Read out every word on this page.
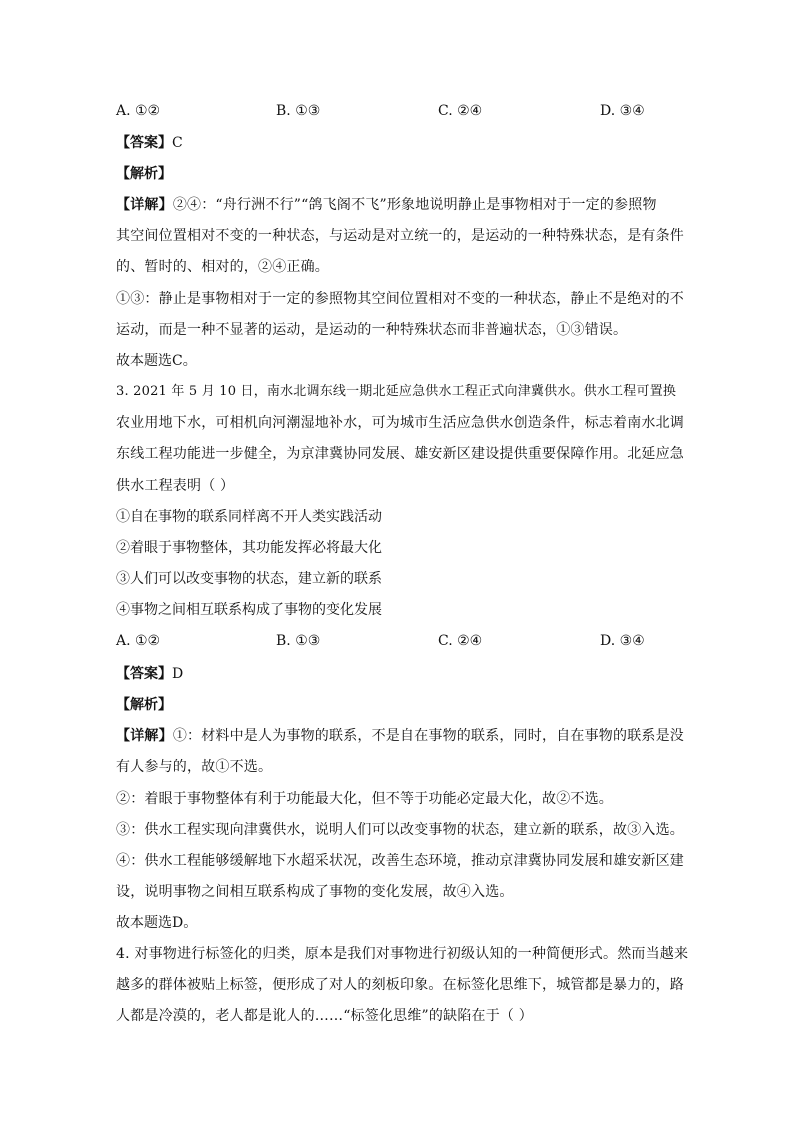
A. ①②	B. ①③	C. ②④	D. ③④
【答案】C
【解析】
【详解】②④：“舟行洲不行”“鸽飞阁不飞”形象地说明静止是事物相对于一定的参照物
其空间位置相对不变的一种状态，与运动是对立统一的，是运动的一种特殊状态，是有条件
的、暂时的、相对的，②④正确。
①③：静止是事物相对于一定的参照物其空间位置相对不变的一种状态，静止不是绝对的不
运动，而是一种不显著的运动，是运动的一种特殊状态而非普遍状态，①③错误。
故本题选C。
3. 2021 年 5 月 10 日，南水北调东线一期北延应急供水工程正式向津冀供水。供水工程可置换
农业用地下水，可相机向河潮湿地补水，可为城市生活应急供水创造条件，标志着南水北调
东线工程功能进一步健全，为京津冀协同发展、雄安新区建设提供重要保障作用。北延应急
供水工程表明（ ）
①自在事物的联系同样离不开人类实践活动
②着眼于事物整体，其功能发挥必将最大化
③人们可以改变事物的状态，建立新的联系
④事物之间相互联系构成了事物的变化发展
A. ①②	B. ①③	C. ②④	D. ③④
【答案】D
【解析】
【详解】①：材料中是人为事物的联系，不是自在事物的联系，同时，自在事物的联系是没
有人参与的，故①不选。
②：着眼于事物整体有利于功能最大化，但不等于功能必定最大化，故②不选。
③：供水工程实现向津冀供水，说明人们可以改变事物的状态，建立新的联系，故③入选。
④：供水工程能够缓解地下水超采状况，改善生态环境，推动京津冀协同发展和雄安新区建
设，说明事物之间相互联系构成了事物的变化发展，故④入选。
故本题选D。
4. 对事物进行标签化的归类，原本是我们对事物进行初级认知的一种简便形式。然而当越来
越多的群体被贴上标签，便形成了对人的刻板印象。在标签化思维下，城管都是暴力的，路
人都是冷漠的，老人都是讹人的……“标签化思维”的缺陷在于（ ）
